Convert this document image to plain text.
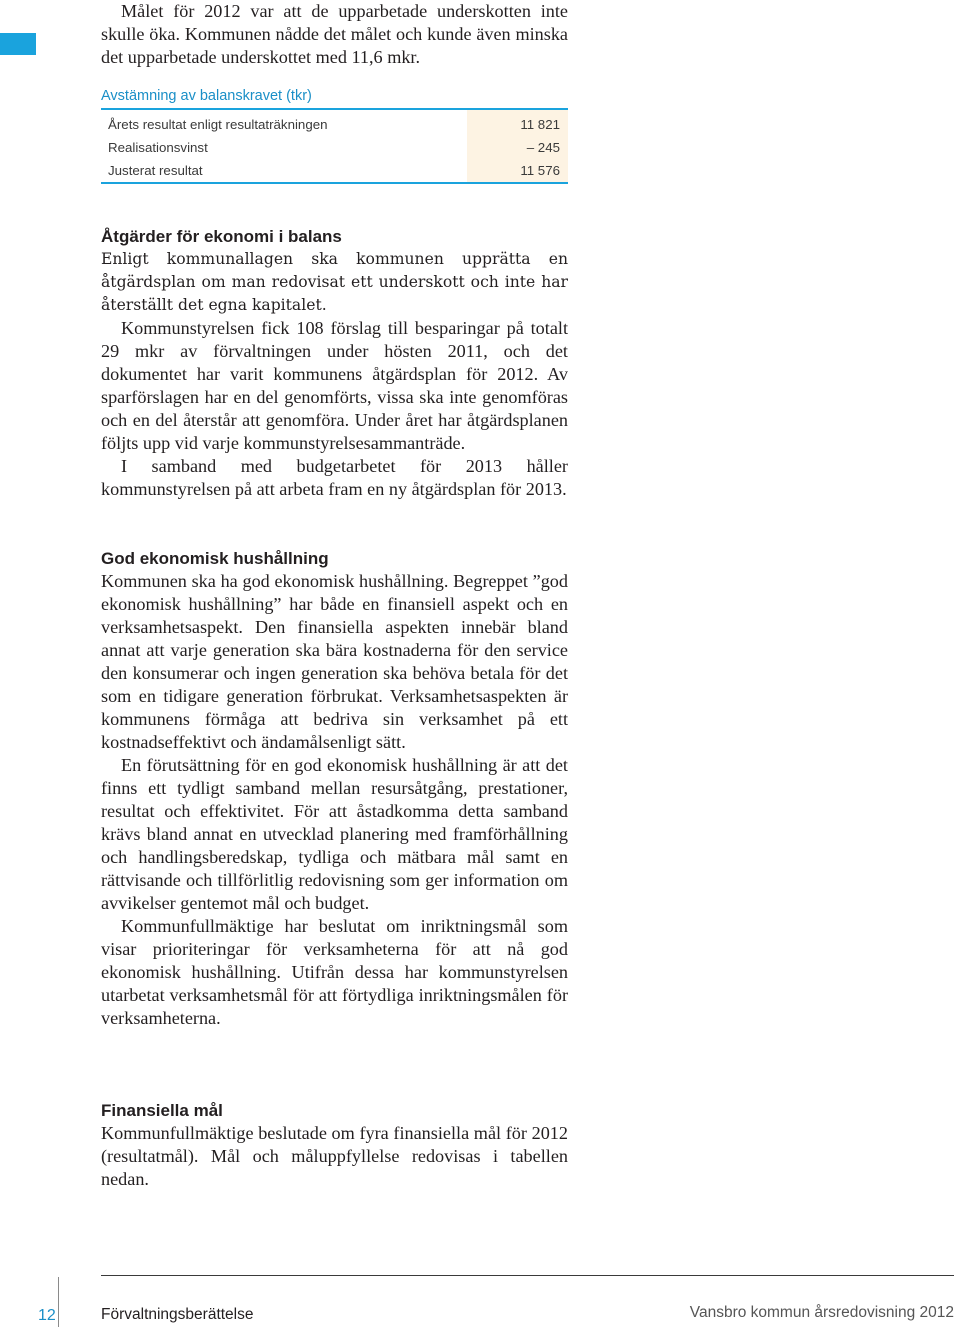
Målet för 2012 var att de upparbetade underskotten inte skulle öka. Kommunen nådde det målet och kunde även minska det upparbetade underskottet med 11,6 mkr.

Avstämning av balanskravet (tkr)
Årets resultat enligt resultaträkningen	11 821
Realisationsvinst	– 245
Justerat resultat	11 576
Åtgärder för ekonomi i balans

Enligt kommunallagen ska kommunen upprätta en åtgärdsplan om man redovisat ett underskott och inte har återställt det egna kapitalet.

Kommunstyrelsen fick 108 förslag till besparingar på totalt 29 mkr av förvaltningen under hösten 2011, och det dokumentet har varit kommunens åtgärdsplan för 2012. Av sparförslagen har en del genomförts, vissa ska inte genomföras och en del återstår att genomföra. Under året har åtgärdsplanen följts upp vid varje kommunstyrelsesammanträde.

I samband med budgetarbetet för 2013 håller kommunstyrelsen på att arbeta fram en ny åtgärdsplan för 2013.

God ekonomisk hushållning

Kommunen ska ha god ekonomisk hushållning. Begreppet ”god ekonomisk hushållning” har både en finansiell aspekt och en verksamhetsaspekt. Den finansiella aspekten innebär bland annat att varje generation ska bära kostnaderna för den service den konsumerar och ingen generation ska behöva betala för det som en tidigare generation förbrukat. Verksamhetsaspekten är kommunens förmåga att bedriva sin verksamhet på ett kostnadseffektivt och ändamålsenligt sätt.

En förutsättning för en god ekonomisk hushållning är att det finns ett tydligt samband mellan resursåtgång, prestationer, resultat och effektivitet. För att åstadkomma detta samband krävs bland annat en utvecklad planering med framförhållning och handlingsberedskap, tydliga och mätbara mål samt en rättvisande och tillförlitlig redovisning som ger information om avvikelser gentemot mål och budget.

Kommunfullmäktige har beslutat om inriktningsmål som visar prioriteringar för verksamheterna för att nå god ekonomisk hushållning. Utifrån dessa har kommunstyrelsen utarbetat verksamhetsmål för att förtydliga inriktningsmålen för verksamheterna.

Finansiella mål

Kommunfullmäktige beslutade om fyra finansiella mål för 2012 (resultatmål). Mål och måluppfyllelse redovisas i tabellen nedan.

12	Förvaltningsberättelse	Vansbro kommun årsredovisning 2012
